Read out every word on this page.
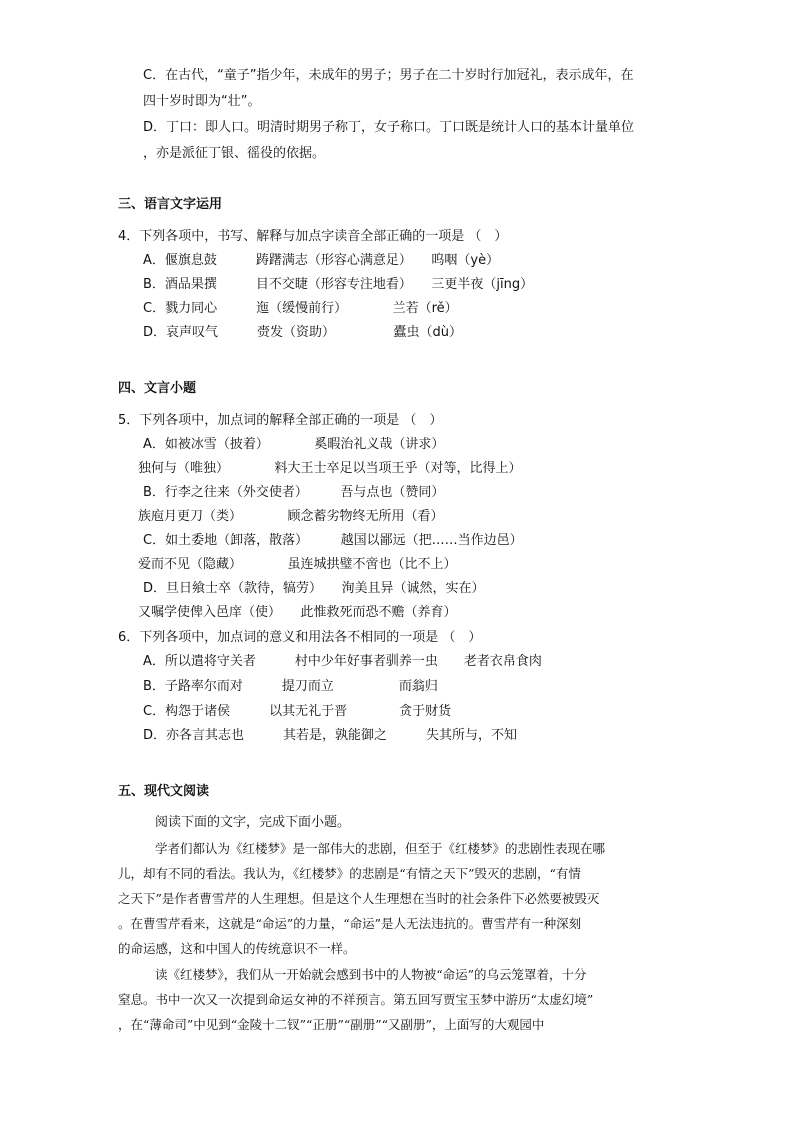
C．在古代，“童子”指少年，未成年的男子；男子在二十岁时行加冠礼，表示成年，在
四十岁时即为“壮”。
D．丁口：即人口。明清时期男子称丁，女子称口。丁口既是统计人口的基本计量单位
，亦是派征丁银、徭役的依据。
三、语言文字运用
4．下列各项中，书写、解释与加点字读音全部正确的一项是 （　）
A．偃旗息鼓　　　踌躇满志（形容心满意足）　　呜咽（yè）
B．酒品果撰　　　目不交睫（形容专注地看）　　三更半夜（jīng）
C．戮力同心　　　迤（缓慢前行）　　　　兰若（rě）
D．哀声叹气　　　赍发（资助）　　　　　蠹虫（dù）
四、文言小题
5．下列各项中，加点词的解释全部正确的一项是 （　）
A．如被冰雪（披着）　　　　奚暇治礼义哉（讲求）
独何与（唯独）　　　　料大王士卒足以当项王乎（对等，比得上）
B．行李之往来（外交使者）　　　吾与点也（赞同）
族庖月更刀（类）　　　　顾念蓄劣物终无所用（看）
C．如土委地（卸落，散落）　　　越国以鄙远（把……当作边邑）
爱而不见（隐藏）　　　　虽连城拱璧不啻也（比不上）
D．旦日飨士卒（款待，犒劳）　　洵美且异（诚然，实在）
又嘱学使俾入邑庠（使）　　此惟救死而恐不赡（养育）
6．下列各项中，加点词的意义和用法各不相同的一项是 （　）
A．所以遣将守关者　　　村中少年好事者驯养一虫　　老者衣帛食肉
B．子路率尔而对　　　提刀而立　　　　　而翁归
C．构怨于诸侯　　　以其无礼于晋　　　　贪于财货
D．亦各言其志也　　　其若是，孰能御之　　　失其所与，不知
五、现代文阅读
阅读下面的文字，完成下面小题。
学者们都认为《红楼梦》是一部伟大的悲剧，但至于《红楼梦》的悲剧性表现在哪
儿，却有不同的看法。我认为，《红楼梦》的悲剧是“有情之天下”毁灭的悲剧，“有情
之天下”是作者曹雪芹的人生理想。但是这个人生理想在当时的社会条件下必然要被毁灭
。在曹雪芹看来，这就是“命运”的力量，“命运”是人无法违抗的。曹雪芹有一种深刻
的命运感，这和中国人的传统意识不一样。
读《红楼梦》，我们从一开始就会感到书中的人物被“命运”的乌云笼罩着，十分
窒息。书中一次又一次提到命运女神的不祥预言。第五回写贾宝玉梦中游历“太虚幻境”
，在“薄命司”中见到“金陵十二钗”“正册”“副册”“又副册”，上面写的大观园中
